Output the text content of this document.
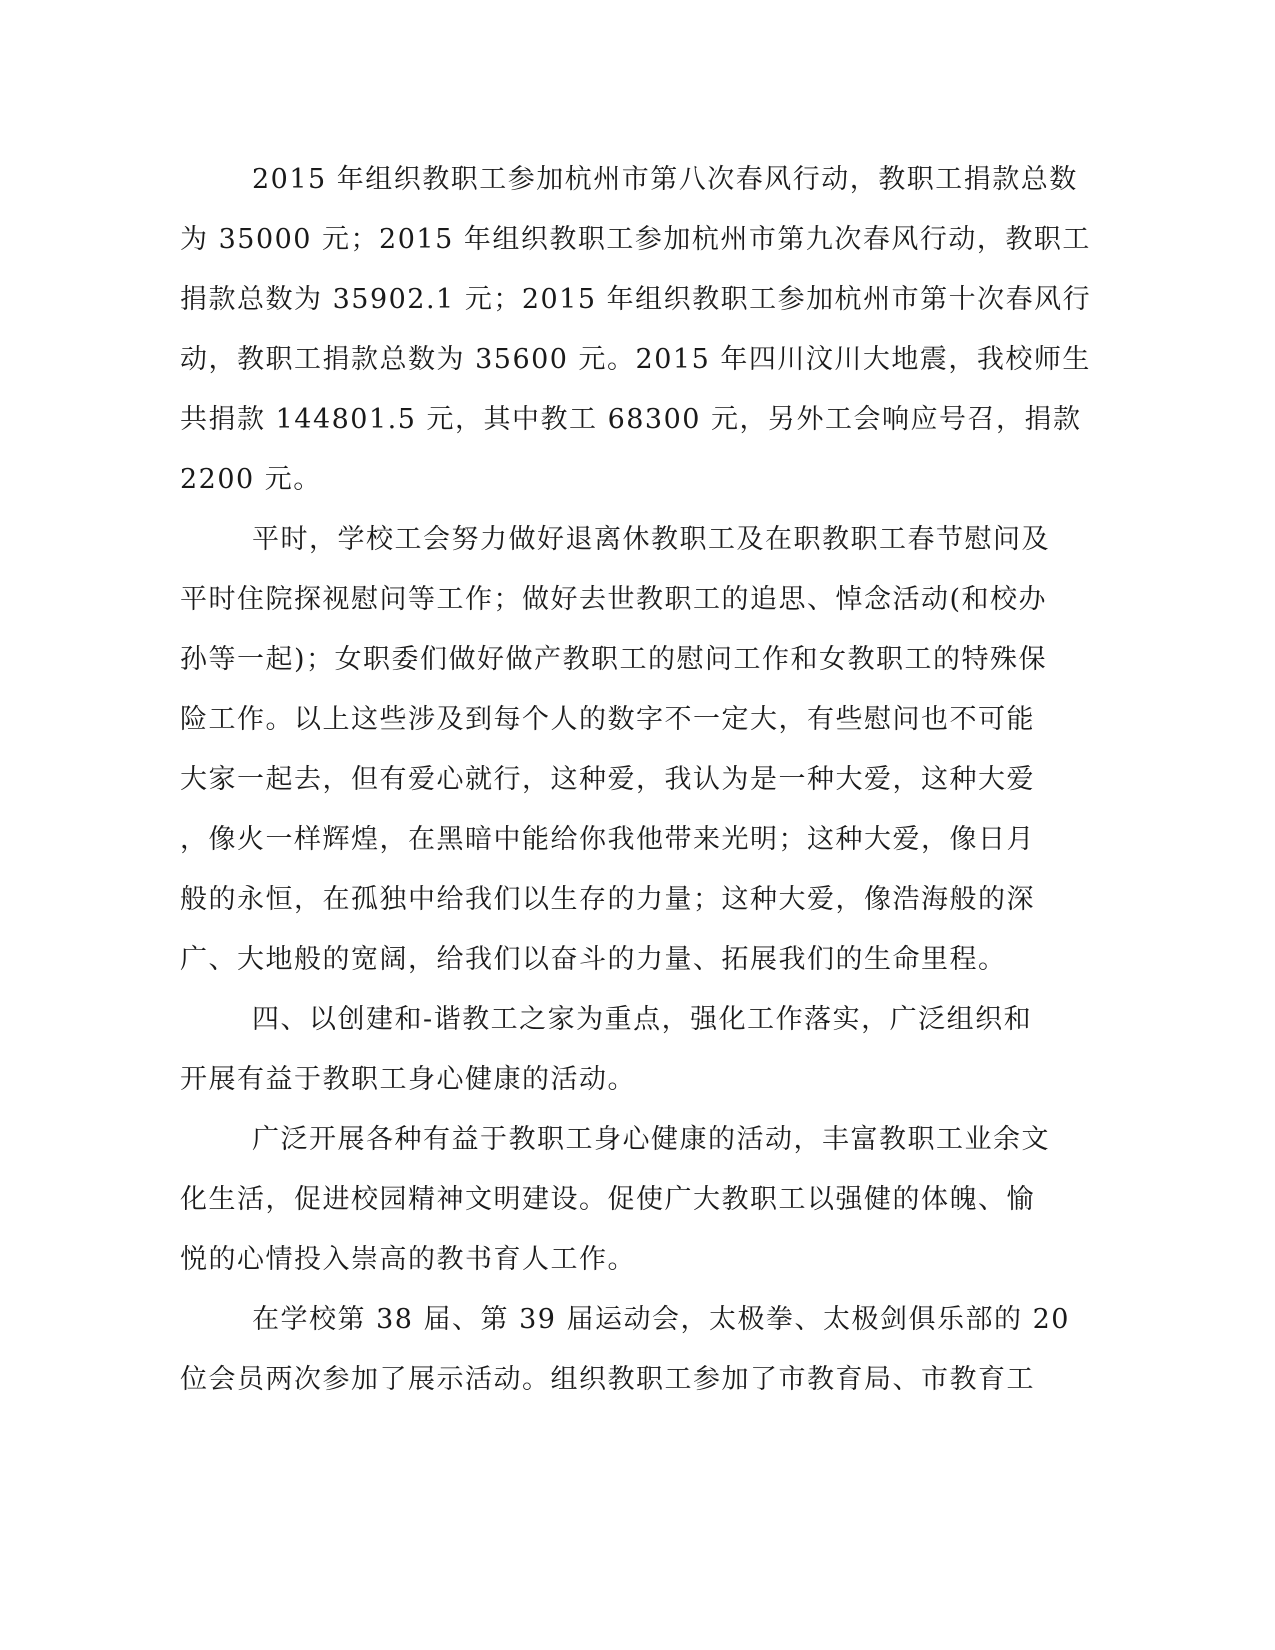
2015 年组织教职工参加杭州市第八次春风行动，教职工捐款总数
为 35000 元；2015 年组织教职工参加杭州市第九次春风行动，教职工
捐款总数为 35902.1 元；2015 年组织教职工参加杭州市第十次春风行
动，教职工捐款总数为 35600 元。2015 年四川汶川大地震，我校师生
共捐款 144801.5 元，其中教工 68300 元，另外工会响应号召，捐款
2200 元。
平时，学校工会努力做好退离休教职工及在职教职工春节慰问及
平时住院探视慰问等工作；做好去世教职工的追思、悼念活动(和校办
孙等一起)；女职委们做好做产教职工的慰问工作和女教职工的特殊保
险工作。以上这些涉及到每个人的数字不一定大，有些慰问也不可能
大家一起去，但有爱心就行，这种爱，我认为是一种大爱，这种大爱
，像火一样辉煌，在黑暗中能给你我他带来光明；这种大爱，像日月
般的永恒，在孤独中给我们以生存的力量；这种大爱，像浩海般的深
广、大地般的宽阔，给我们以奋斗的力量、拓展我们的生命里程。
四、以创建和-谐教工之家为重点，强化工作落实，广泛组织和
开展有益于教职工身心健康的活动。
广泛开展各种有益于教职工身心健康的活动，丰富教职工业余文
化生活，促进校园精神文明建设。促使广大教职工以强健的体魄、愉
悦的心情投入崇高的教书育人工作。
在学校第 38 届、第 39 届运动会，太极拳、太极剑俱乐部的 20
位会员两次参加了展示活动。组织教职工参加了市教育局、市教育工
